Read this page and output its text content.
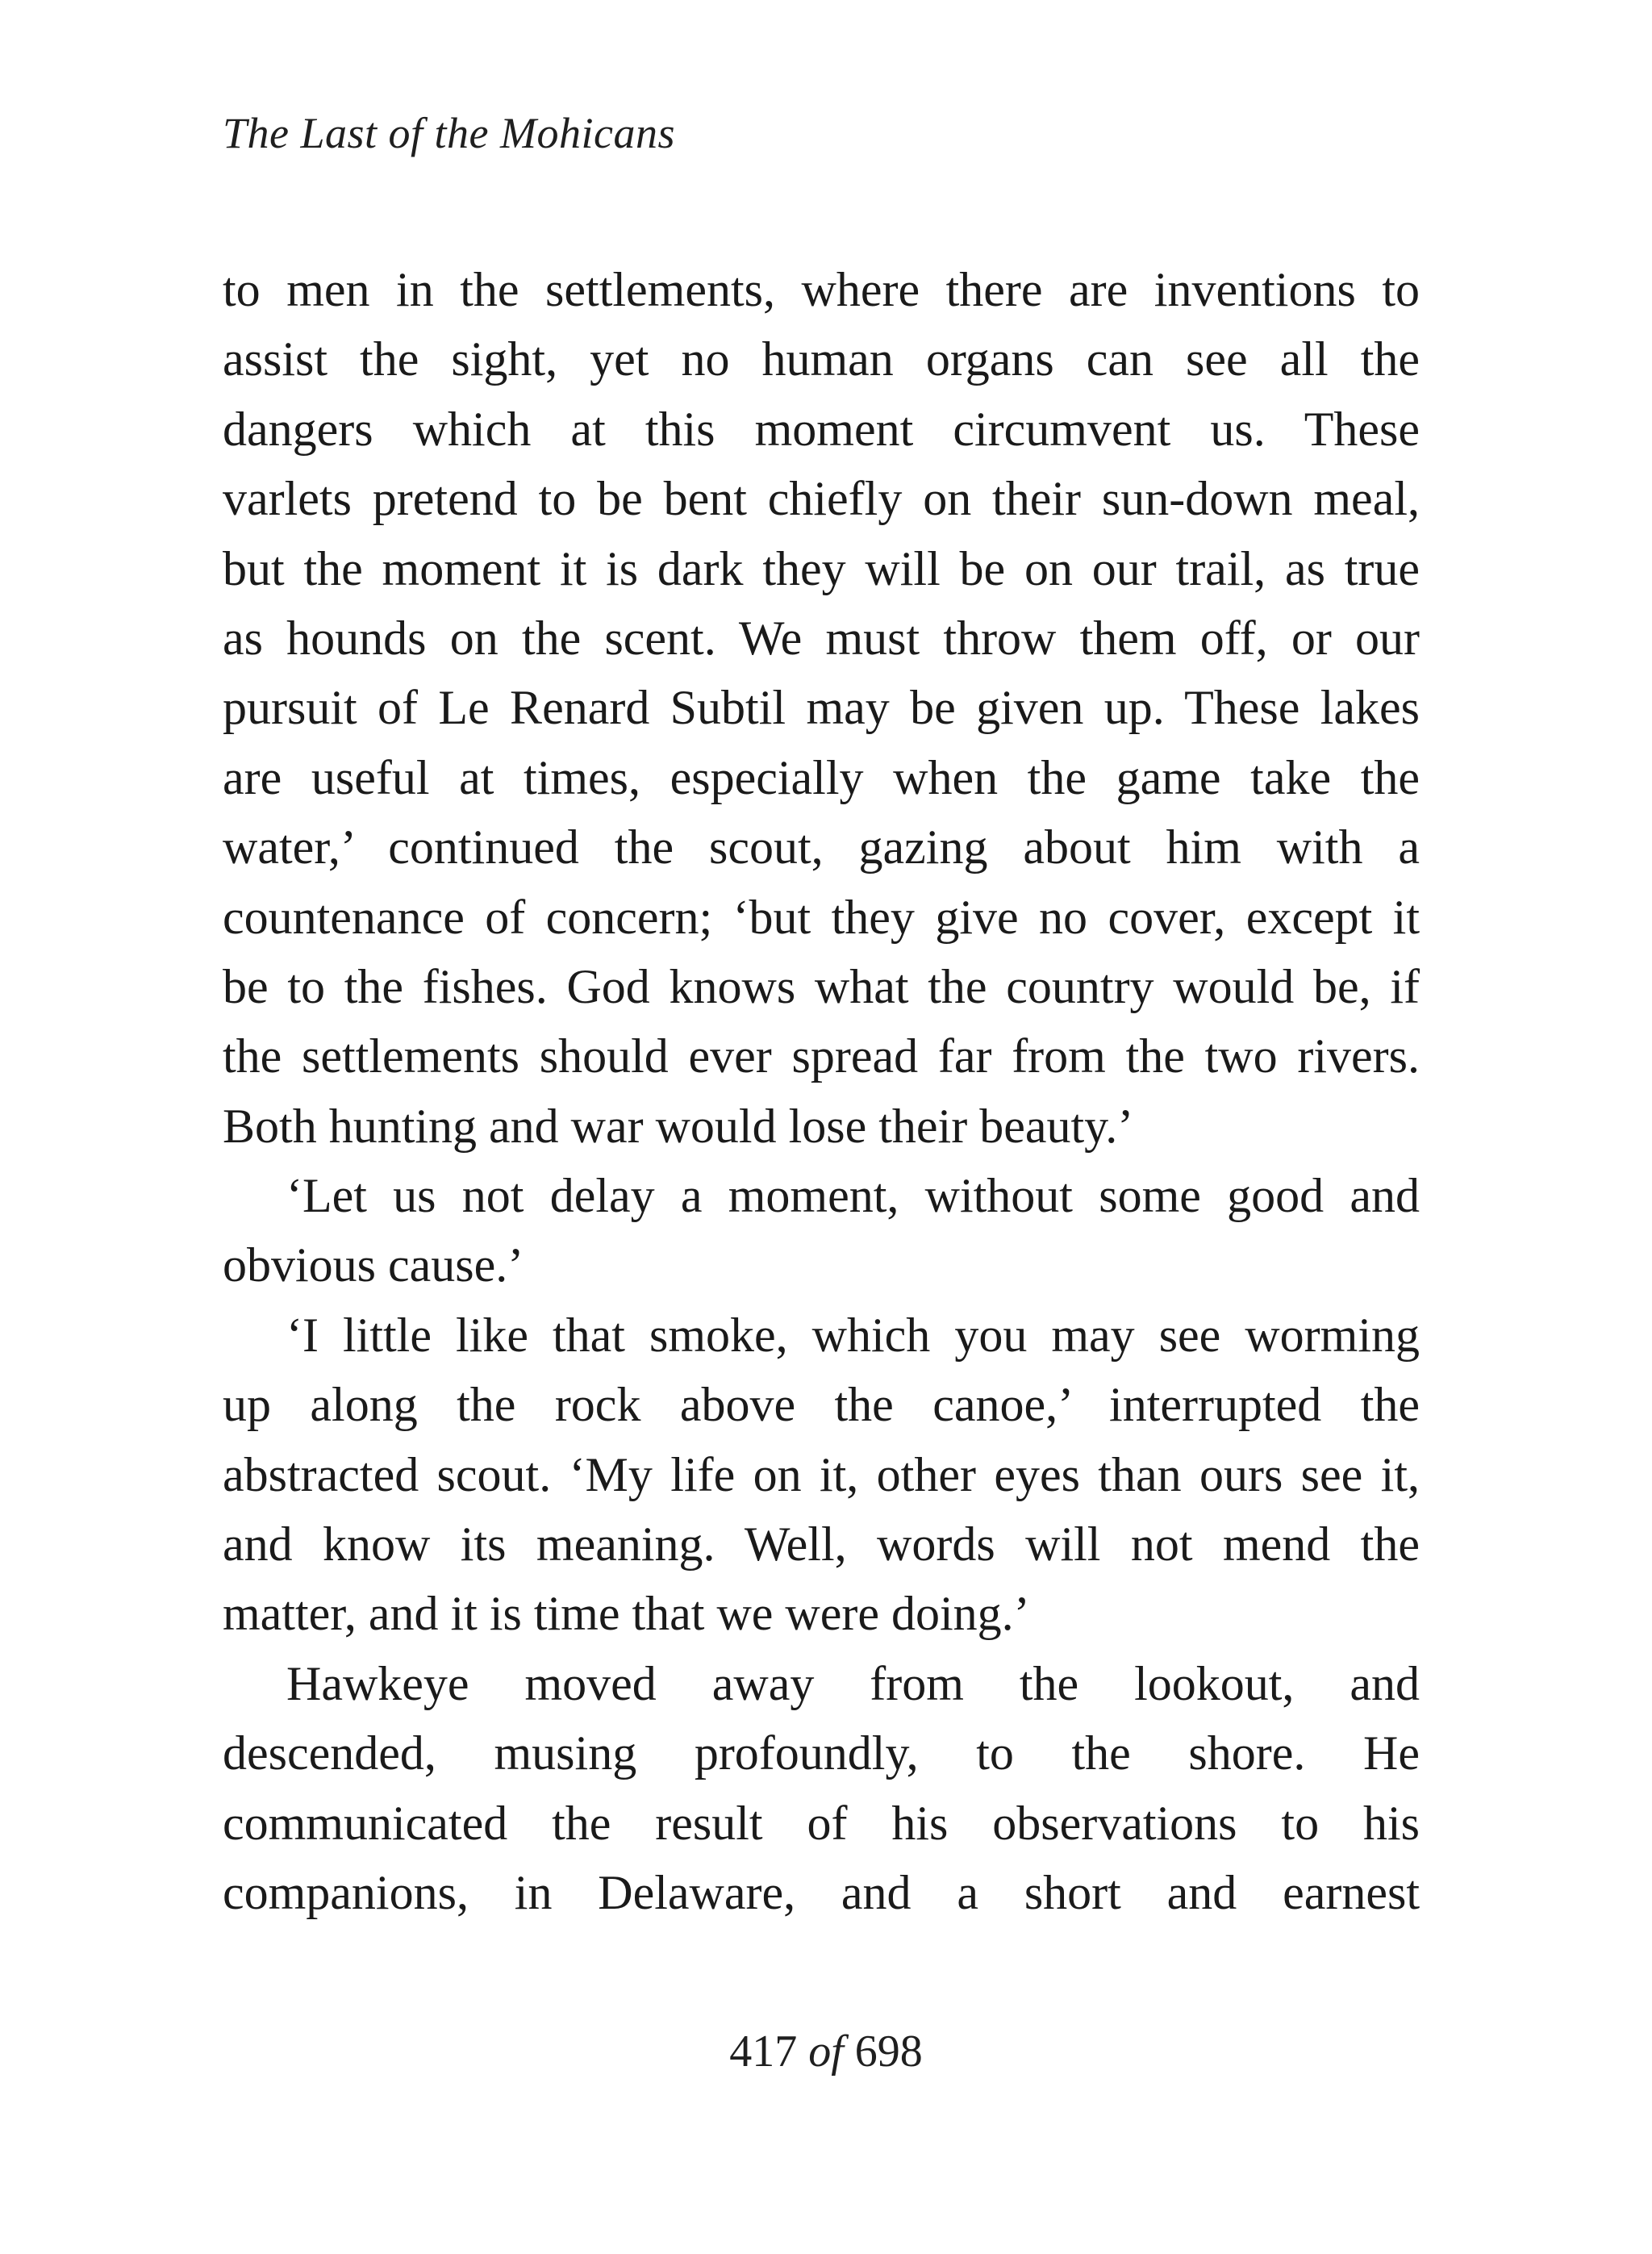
The Last of the Mohicans
to men in the settlements, where there are inventions to
assist the sight, yet no human organs can see all the
dangers which at this moment circumvent us. These
varlets pretend to be bent chiefly on their sun-down meal,
but the moment it is dark they will be on our trail, as true
as hounds on the scent. We must throw them off, or our
pursuit of Le Renard Subtil may be given up. These lakes
are useful at times, especially when the game take the
water,’ continued the scout, gazing about him with a
countenance of concern; ‘but they give no cover, except it
be to the fishes. God knows what the country would be, if
the settlements should ever spread far from the two rivers.
Both hunting and war would lose their beauty.’
‘Let us not delay a moment, without some good and
obvious cause.’
‘I little like that smoke, which you may see worming
up along the rock above the canoe,’ interrupted the
abstracted scout. ‘My life on it, other eyes than ours see it,
and know its meaning. Well, words will not mend the
matter, and it is time that we were doing.’
Hawkeye moved away from the lookout, and
descended, musing profoundly, to the shore. He
communicated the result of his observations to his
companions, in Delaware, and a short and earnest
417 of 698
